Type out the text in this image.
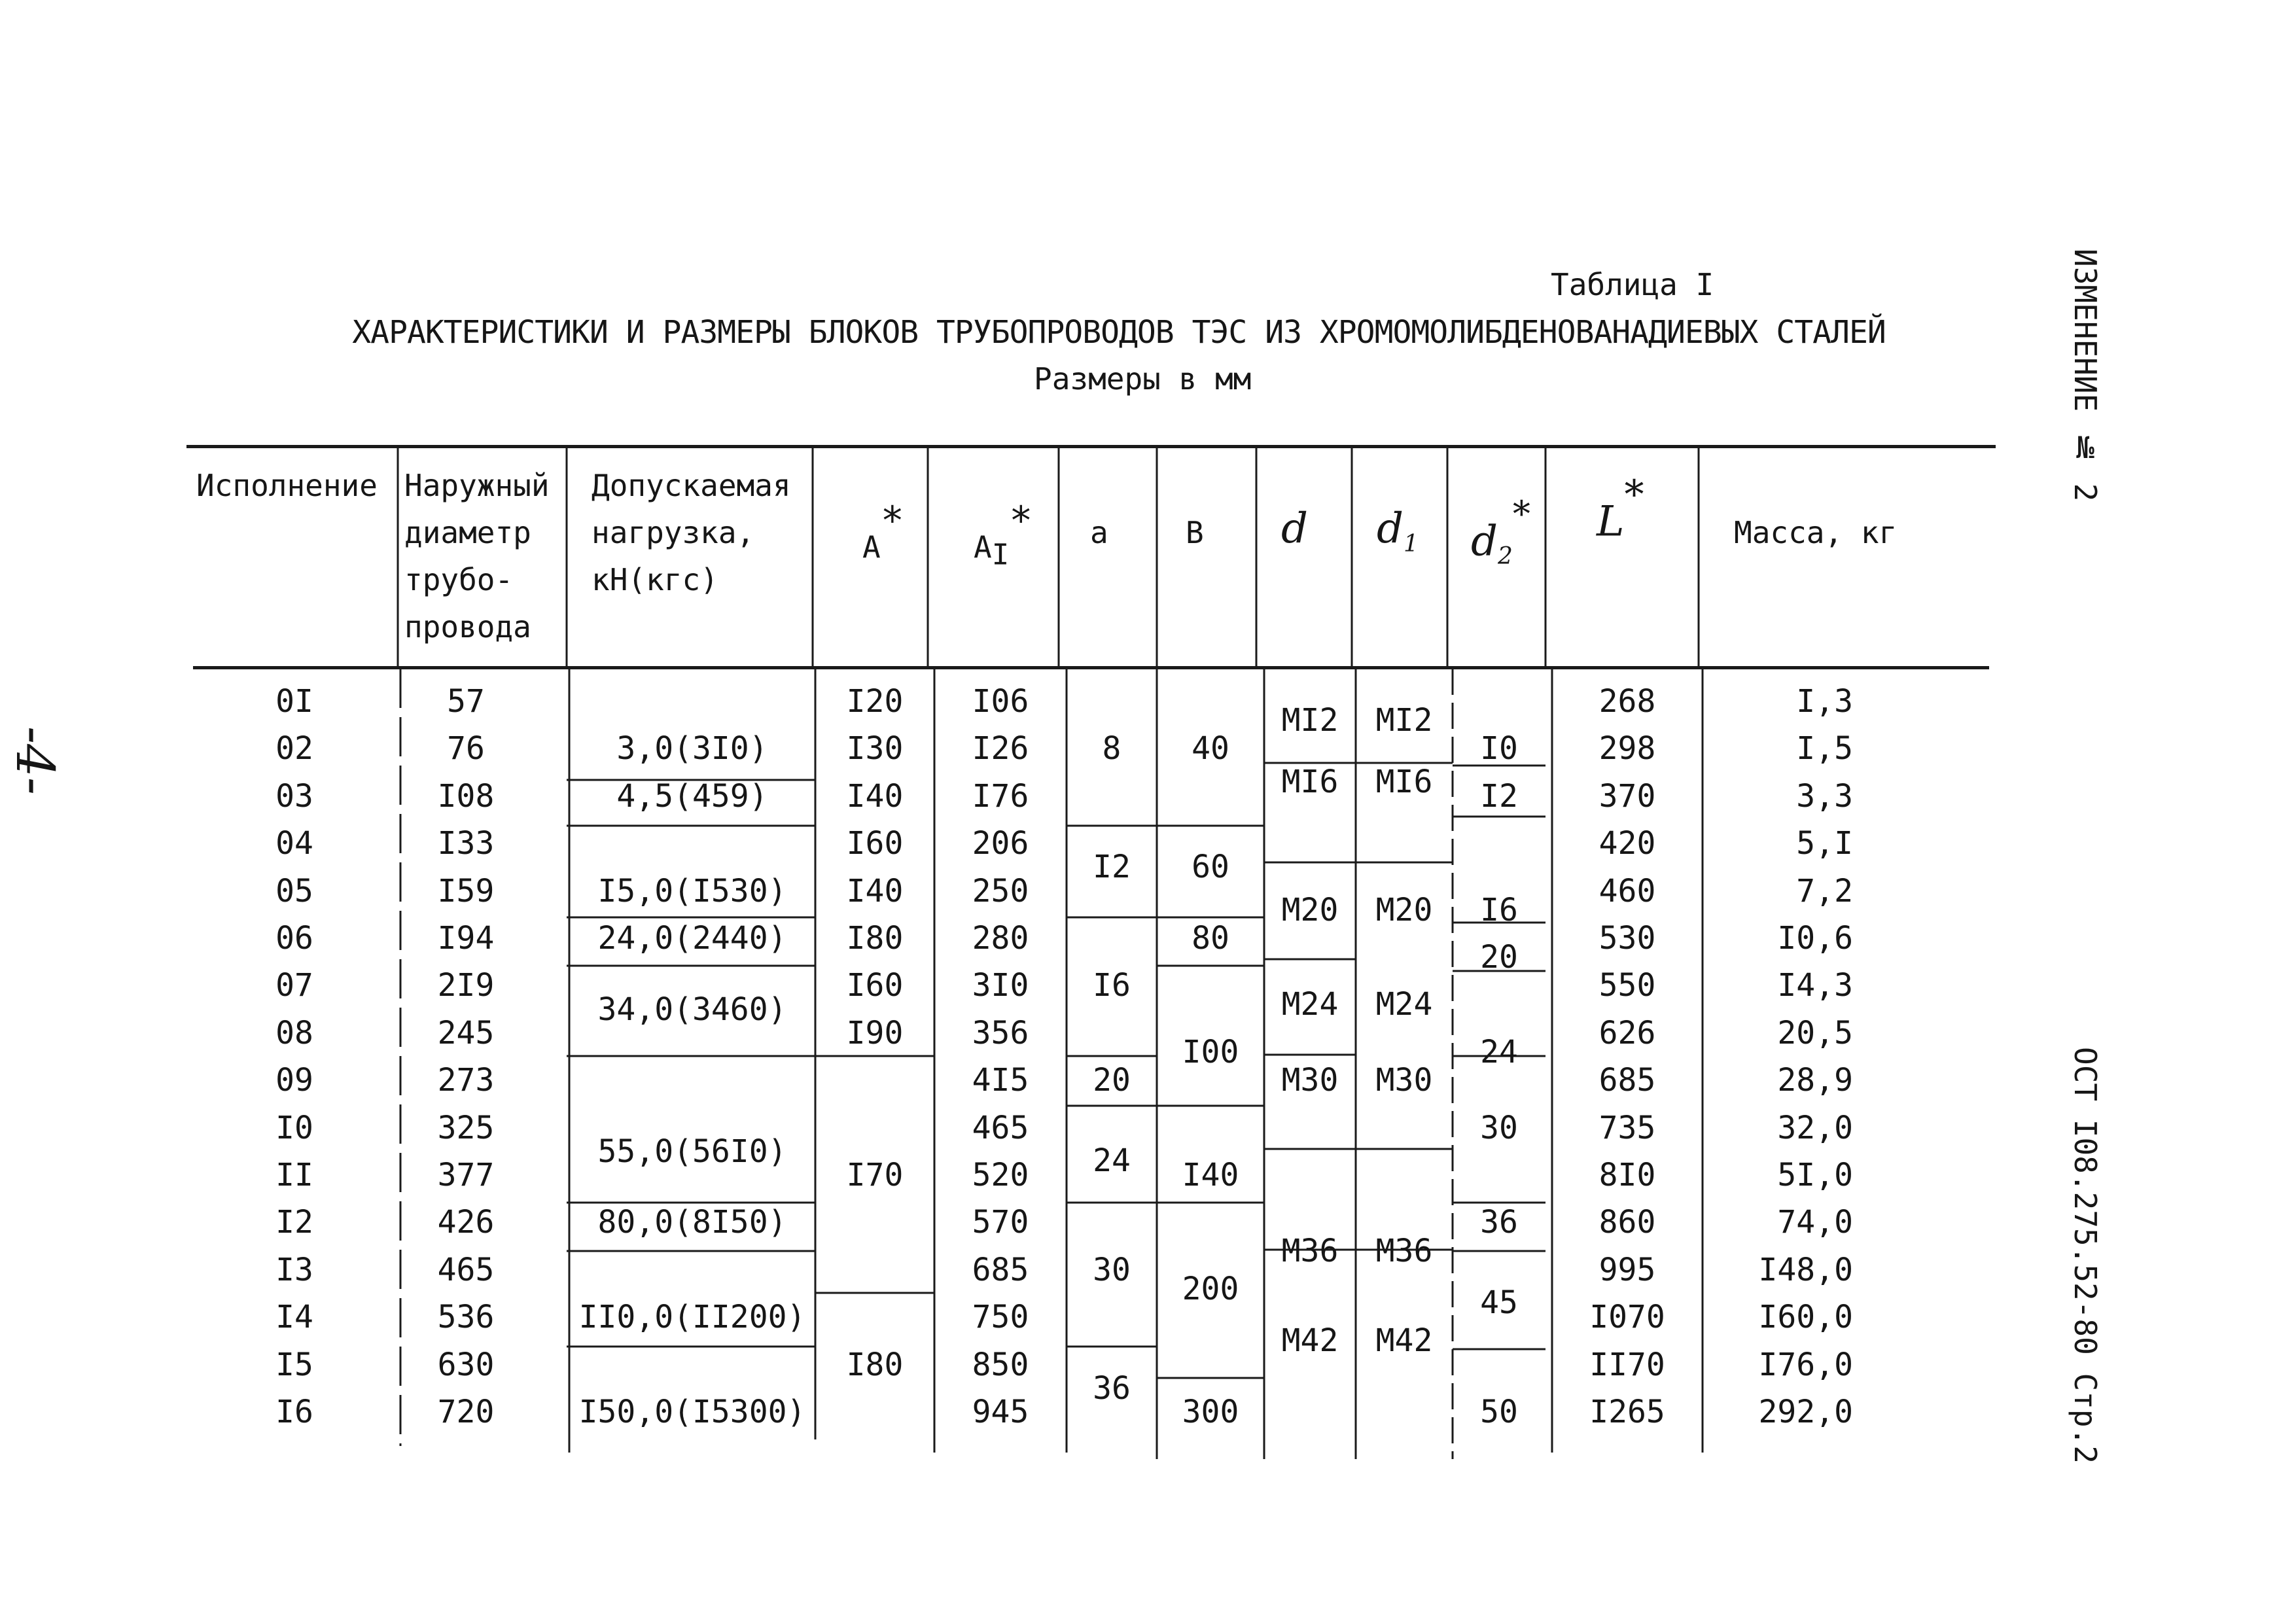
Таблица I
ХАРАКТЕРИСТИКИ И РАЗМЕРЫ БЛОКОВ ТРУБОПРОВОДОВ ТЭС ИЗ ХРОМОМОЛИБДЕНОВАНАДИЕВЫХ СТАЛЕЙ
Размеры в мм	ИЗМЕНЕНИЕ № 2
ОСТ I08.275.52-80 Стр.2
-4-
Исполнение Наружный
диаметр
трубо-
провода
Допускаемая
нагрузка,
кН(кгс)
A*
$A_I^*$ a	B d $d_1$ $d_2^*$ L*
Масса, кг
0I
02
03
04
05
06
07
08
09
I0
II
I2
I3
I4
I5
I6
57
76
I08
I33
I59
I94
2I9
245
273
325
377
426
465
536
630
720
I06
I26
I76
206
250
280
3I0
356
4I5
465
520
570
685
750
850
945
268
298
370
420
460
530
550
626
685
735
8I0
860
995
I070
II70
I265
I,3
I,5
3,3
5,I
7,2
I0,6
I4,3
20,5
28,9
32,0
5I,0
74,0
I48,0
I60,0
I76,0
292,0
3,0(3I0)
4,5(459)
I5,0(I530)
24,0(2440)
34,0(3460)
55,0(56I0)
80,0(8I50)
II0,0(II200)
I50,0(I5300)
I20
I30
I40
I60
I40
I80
I60
I90
I70
I80
8
I2
I6
20
24
30
36
40
60
80
I00
I40
200
300
MI2
MI6
M20
M24
M30
M36
M42
MI2
MI6
M20
M24
M30
M36
M42
I0
I2
I6
20
24
30
36
45
50
